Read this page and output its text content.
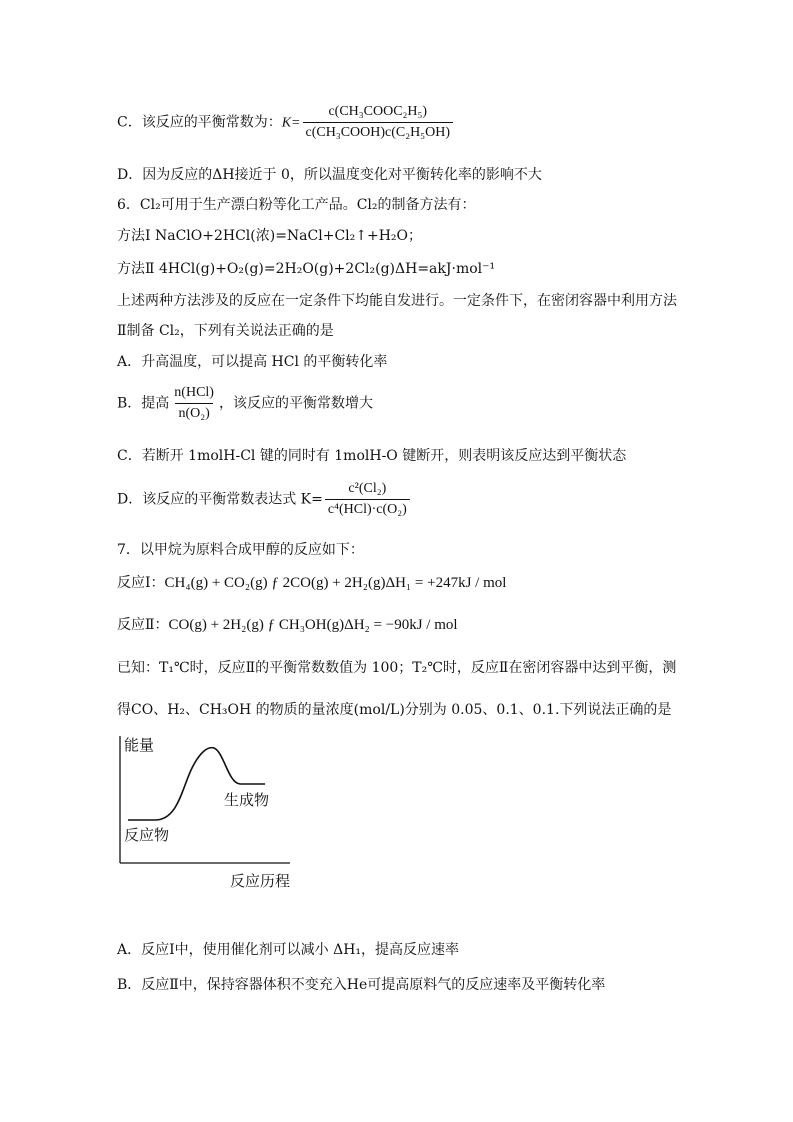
C．该反应的平衡常数为：$K= \frac{\text{c(CH₃COOC₂H₅)}}{\text{c(CH₃COOH)c(C₂H₅OH)}}$
D．因为反应的ΔH接近于 0，所以温度变化对平衡转化率的影响不大
6．Cl₂可用于生产漂白粉等化工产品。Cl₂的制备方法有：
方法Ⅰ NaClO+2HCl(浓)=NaCl+Cl₂↑+H₂O；
方法Ⅱ 4HCl(g)+O₂(g)=2H₂O(g)+2Cl₂(g)ΔH=akJ·mol⁻¹
上述两种方法涉及的反应在一定条件下均能自发进行。一定条件下，在密闭容器中利用方法
Ⅱ制备 Cl₂，下列有关说法正确的是
A．升高温度，可以提高 HCl 的平衡转化率
B．提高 $\frac{\text{n(HCl)}}{\text{n(O₂)}}$ ，该反应的平衡常数增大
C．若断开 1molH-Cl 键的同时有 1molH-O 键断开，则表明该反应达到平衡状态
D．该反应的平衡常数表达式 $K= \frac{\text{c²(Cl₂)}}{\text{c⁴(HCl)·c(O₂)}}$
7．以甲烷为原料合成甲醇的反应如下：
反应Ⅰ：CH₄(g) + CO₂(g) ƒ 2CO(g) + 2H₂(g)ΔH₁ = +247kJ / mol
反应Ⅱ：CO(g) + 2H₂(g) ƒ CH₃OH(g)ΔH₂ = −90kJ / mol
已知：T₁℃时，反应Ⅱ的平衡常数数值为 100；T₂℃时，反应Ⅱ在密闭容器中达到平衡，测
得CO、H₂、CH₃OH 的物质的量浓度(mol/L)分别为 0.05、0.1、0.1.下列说法正确的是
能量
生成物
反应物
反应历程
A．反应Ⅰ中，使用催化剂可以减小 ΔH₁，提高反应速率
B．反应Ⅱ中，保持容器体积不变充入He可提高原料气的反应速率及平衡转化率
